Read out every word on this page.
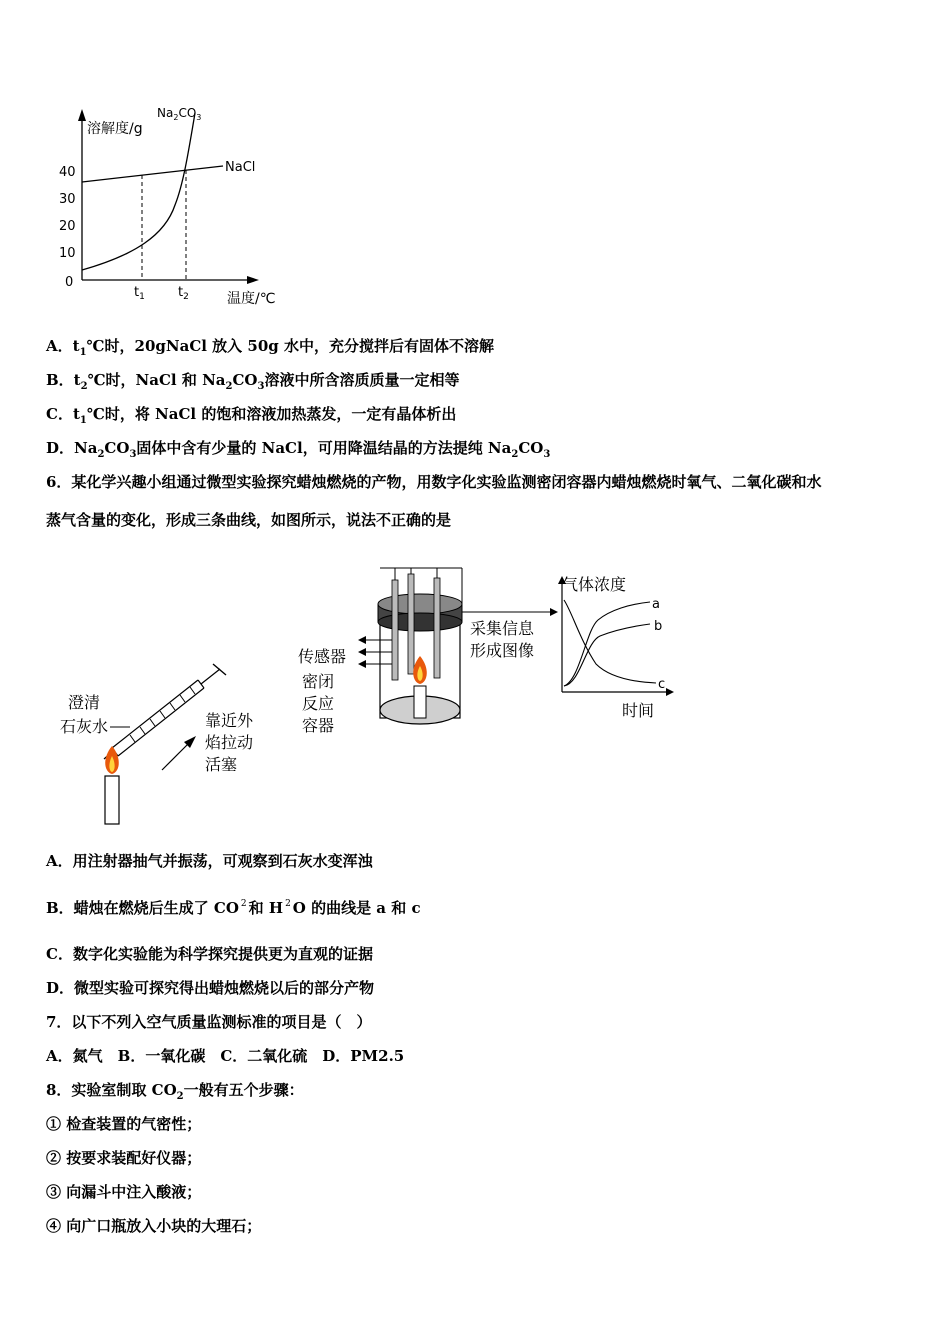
溶解度/g
40
30
20
10
0
$t_1$	$t_2$	温度/℃
$Na_2CO_3$
NaCl
A．$t_1℃$时，20gNaCl 放入 50g 水中，充分搅拌后有固体不溶解
B．$t_2℃$时，NaCl 和 $Na_2CO_3$溶液中所含溶质质量一定相等
C．$t_1℃$时，将 NaCl 的饱和溶液加热蒸发，一定有晶体析出
D．$Na_2CO_3$固体中含有少量的 NaCl，可用降温结晶的方法提纯 $Na_2CO_3$
6．某化学兴趣小组通过微型实验探究蜡烛燃烧的产物，用数字化实验监测密闭容器内蜡烛燃烧时氧气、二氧化碳和水
蒸气含量的变化，形成三条曲线，如图所示，说法不正确的是
澄清
石灰水	靠近外
焰拉动
活塞
传感器
密闭
反应
容器
采集信息
形成图像
气体浓度
时间
a
b
c
A．用注射器抽气并振荡，可观察到石灰水变浑浊
B．蜡烛在燃烧后生成了 CO $^2$ 和 H $^2$ O 的曲线是 a 和 c
C．数字化实验能为科学探究提供更为直观的证据
D．微型实验可探究得出蜡烛燃烧以后的部分产物
7．以下不列入空气质量监测标准的项目是（　）
A．氮气　B．一氧化碳　C．二氧化硫　D．PM2.5
8．实验室制取 $CO_2$一般有五个步骤：
① 检查装置的气密性；
② 按要求装配好仪器；
③ 向漏斗中注入酸液；
④ 向广口瓶放入小块的大理石；
